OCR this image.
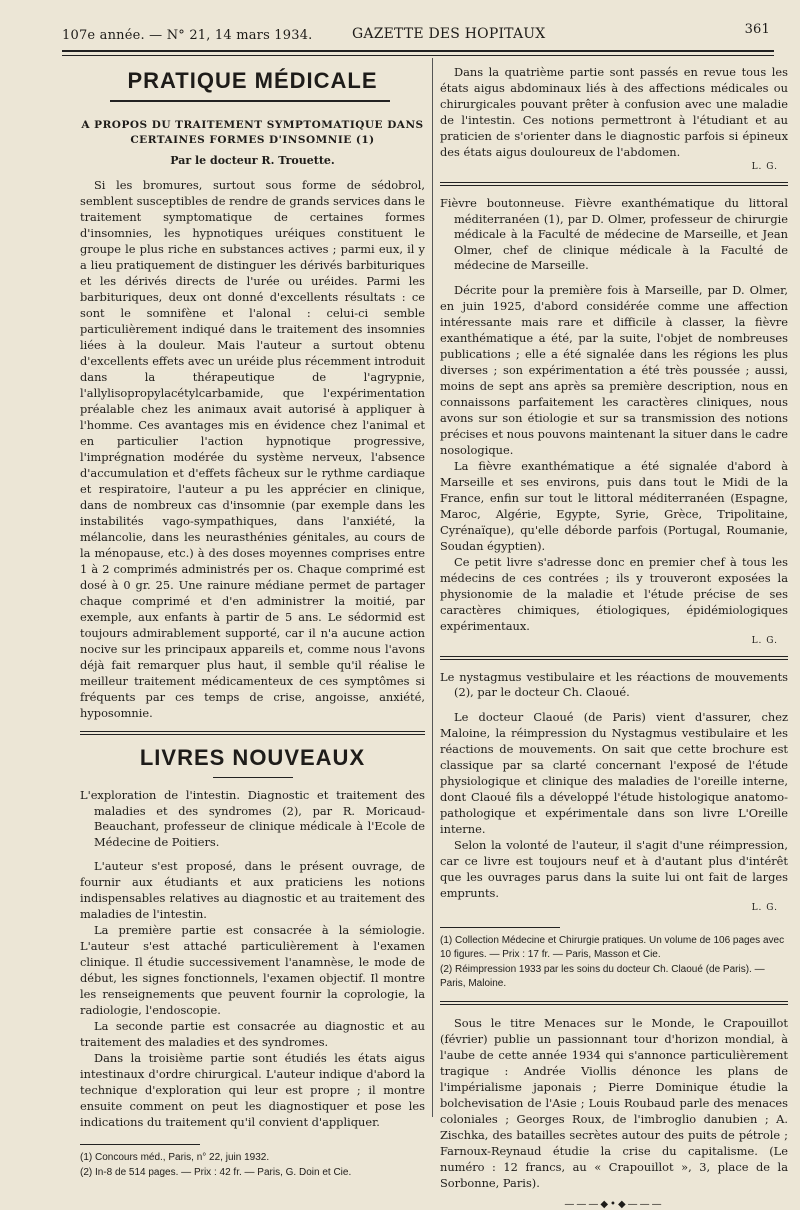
107e année. — N° 21, 14 mars 1934.	GAZETTE DES HOPITAUX	361
PRATIQUE MÉDICALE
A PROPOS DU TRAITEMENT SYMPTOMATIQUE DANS CERTAINES FORMES D'INSOMNIE (1)
Par le docteur R. Trouette.

Si les bromures, surtout sous forme de sédobrol, semblent susceptibles de rendre de grands services dans le traitement symptomatique de certaines formes d'insomnies, les hypnotiques uréiques constituent le groupe le plus riche en substances actives ; parmi eux, il y a lieu pratiquement de distinguer les dérivés barbituriques et les dérivés directs de l'urée ou uréides. Parmi les barbituriques, deux ont donné d'excellents résultats : ce sont le somnifène et l'alonal : celui-ci semble particulièrement indiqué dans le traitement des insomnies liées à la douleur. Mais l'auteur a surtout obtenu d'excellents effets avec un uréide plus récemment introduit dans la thérapeutique de l'agrypnie, l'allylisopropylacétylcarbamide, que l'expérimentation préalable chez les animaux avait autorisé à appliquer à l'homme. Ces avantages mis en évidence chez l'animal et en particulier l'action hypnotique progressive, l'imprégnation modérée du système nerveux, l'absence d'accumulation et d'effets fâcheux sur le rythme cardiaque et respiratoire, l'auteur a pu les apprécier en clinique, dans de nombreux cas d'insomnie (par exemple dans les instabilités vago-sympathiques, dans l'anxiété, la mélancolie, dans les neurasthénies génitales, au cours de la ménopause, etc.) à des doses moyennes comprises entre 1 à 2 comprimés administrés per os. Chaque comprimé est dosé à 0 gr. 25. Une rainure médiane permet de partager chaque comprimé et d'en administrer la moitié, par exemple, aux enfants à partir de 5 ans. Le sédormid est toujours admirablement supporté, car il n'a aucune action nocive sur les principaux appareils et, comme nous l'avons déjà fait remarquer plus haut, il semble qu'il réalise le meilleur traitement médicamenteux de ces symptômes si fréquents par ces temps de crise, angoisse, anxiété, hyposomnie.

LIVRES NOUVEAUX
L'exploration de l'intestin. Diagnostic et traitement des maladies et des syndromes (2), par R. Moricaud-Beauchant, professeur de clinique médicale à l'Ecole de Médecine de Poitiers.

L'auteur s'est proposé, dans le présent ouvrage, de fournir aux étudiants et aux praticiens les notions indispensables relatives au diagnostic et au traitement des maladies de l'intestin.

La première partie est consacrée à la sémiologie. L'auteur s'est attaché particulièrement à l'examen clinique. Il étudie successivement l'anamnèse, le mode de début, les signes fonctionnels, l'examen objectif. Il montre les renseignements que peuvent fournir la coprologie, la radiologie, l'endoscopie.

La seconde partie est consacrée au diagnostic et au traitement des maladies et des syndromes.

Dans la troisième partie sont étudiés les états aigus intestinaux d'ordre chirurgical. L'auteur indique d'abord la technique d'exploration qui leur est propre ; il montre ensuite comment on peut les diagnostiquer et pose les indications du traitement qu'il convient d'appliquer.

(1) Concours méd., Paris, n° 22, juin 1932.
(2) In-8 de 514 pages. — Prix : 42 fr. — Paris, G. Doin et Cie.

Dans la quatrième partie sont passés en revue tous les états aigus abdominaux liés à des affections médicales ou chirurgicales pouvant prêter à confusion avec une maladie de l'intestin. Ces notions permettront à l'étudiant et au praticien de s'orienter dans le diagnostic parfois si épineux des états aigus douloureux de l'abdomen.

L. G.
Fièvre boutonneuse. Fièvre exanthématique du littoral méditerranéen (1), par D. Olmer, professeur de chirurgie médicale à la Faculté de médecine de Marseille, et Jean Olmer, chef de clinique médicale à la Faculté de médecine de Marseille.

Décrite pour la première fois à Marseille, par D. Olmer, en juin 1925, d'abord considérée comme une affection intéressante mais rare et difficile à classer, la fièvre exanthématique a été, par la suite, l'objet de nombreuses publications ; elle a été signalée dans les régions les plus diverses ; son expérimentation a été très poussée ; aussi, moins de sept ans après sa première description, nous en connaissons parfaitement les caractères cliniques, nous avons sur son étiologie et sur sa transmission des notions précises et nous pouvons maintenant la situer dans le cadre nosologique.

La fièvre exanthématique a été signalée d'abord à Marseille et ses environs, puis dans tout le Midi de la France, enfin sur tout le littoral méditerranéen (Espagne, Maroc, Algérie, Egypte, Syrie, Grèce, Tripolitaine, Cyrénaïque), qu'elle déborde parfois (Portugal, Roumanie, Soudan égyptien).

Ce petit livre s'adresse donc en premier chef à tous les médecins de ces contrées ; ils y trouveront exposées la physionomie de la maladie et l'étude précise de ses caractères chimiques, étiologiques, épidémiologiques expérimentaux.

L. G.
Le nystagmus vestibulaire et les réactions de mouvements (2), par le docteur Ch. Claoué.

Le docteur Claoué (de Paris) vient d'assurer, chez Maloine, la réimpression du Nystagmus vestibulaire et les réactions de mouvements. On sait que cette brochure est classique par sa clarté concernant l'exposé de l'étude physiologique et clinique des maladies de l'oreille interne, dont Claoué fils a développé l'étude histologique anatomo-pathologique et expérimentale dans son livre L'Oreille interne.

Selon la volonté de l'auteur, il s'agit d'une réimpression, car ce livre est toujours neuf et à d'autant plus d'intérêt que les ouvrages parus dans la suite lui ont fait de larges emprunts.

L. G.
(1) Collection Médecine et Chirurgie pratiques. Un volume de 106 pages avec 10 figures. — Prix : 17 fr. — Paris, Masson et Cie.
(2) Réimpression 1933 par les soins du docteur Ch. Claoué (de Paris). — Paris, Maloine.

Sous le titre Menaces sur le Monde, le Crapouillot (février) publie un passionnant tour d'horizon mondial, à l'aube de cette année 1934 qui s'annonce particulièrement tragique : Andrée Viollis dénonce les plans de l'impérialisme japonais ; Pierre Dominique étudie la bolchevisation de l'Asie ; Louis Roubaud parle des menaces coloniales ; Georges Roux, de l'imbroglio danubien ; A. Zischka, des batailles secrètes autour des puits de pétrole ; Farnoux-Reynaud étudie la crise du capitalisme. (Le numéro : 12 francs, au « Crapouillot », 3, place de la Sorbonne, Paris).

———◆•◆———
